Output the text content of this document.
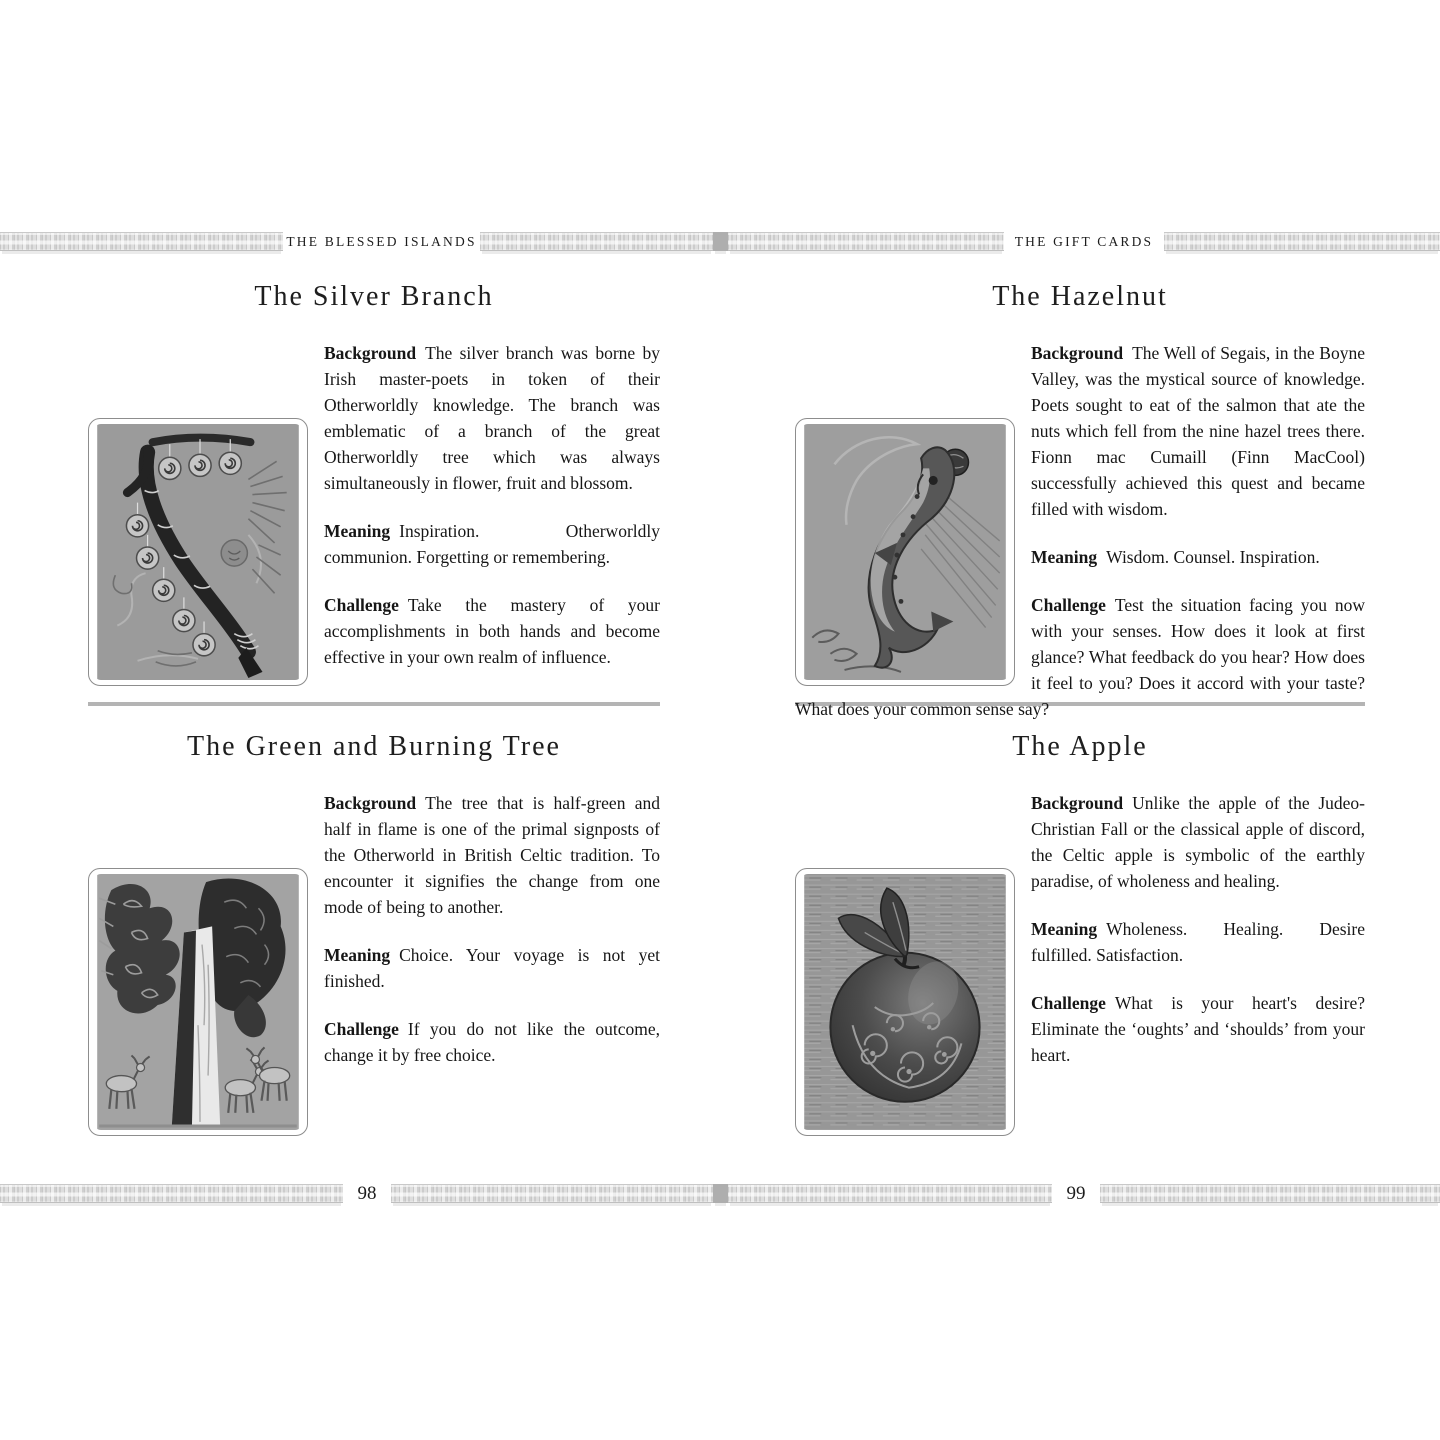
THE BLESSED ISLANDS	THE GIFT CARDS
The Silver Branch

Background The silver branch was borne by Irish master-poets in token of their Otherworldly knowledge. The branch was emblematic of a branch of the great Otherworldly tree which was always simultaneously in flower, fruit and blossom.

Meaning Inspiration. Otherworldly communion. Forgetting or remembering.

Challenge Take the mastery of your accomplishments in both hands and become effective in your own realm of influence.

The Green and Burning Tree

Background The tree that is half-green and half in flame is one of the primal signposts of the Otherworld in British Celtic tradition. To encounter it signifies the change from one mode of being to another.

Meaning Choice. Your voyage is not yet finished.

Challenge If you do not like the outcome, change it by free choice.

The Hazelnut

Background The Well of Segais, in the Boyne Valley, was the mystical source of knowledge. Poets sought to eat of the salmon that ate the nuts which fell from the nine hazel trees there. Fionn mac Cumaill (Finn MacCool) successfully achieved this quest and became filled with wisdom.

Meaning Wisdom. Counsel. Inspiration.

Challenge Test the situation facing you now with your senses. How does it look at first glance? What feedback do you hear? How does it feel to you? Does it accord with your taste? What does your common sense say?

The Apple

Background Unlike the apple of the Judeo-Christian Fall or the classical apple of discord, the Celtic apple is symbolic of the earthly paradise, of wholeness and healing.

Meaning Wholeness. Healing. Desire fulfilled. Satisfaction.

Challenge What is your heart's desire? Eliminate the ‘oughts’ and ‘shoulds’ from your heart.

98	99
